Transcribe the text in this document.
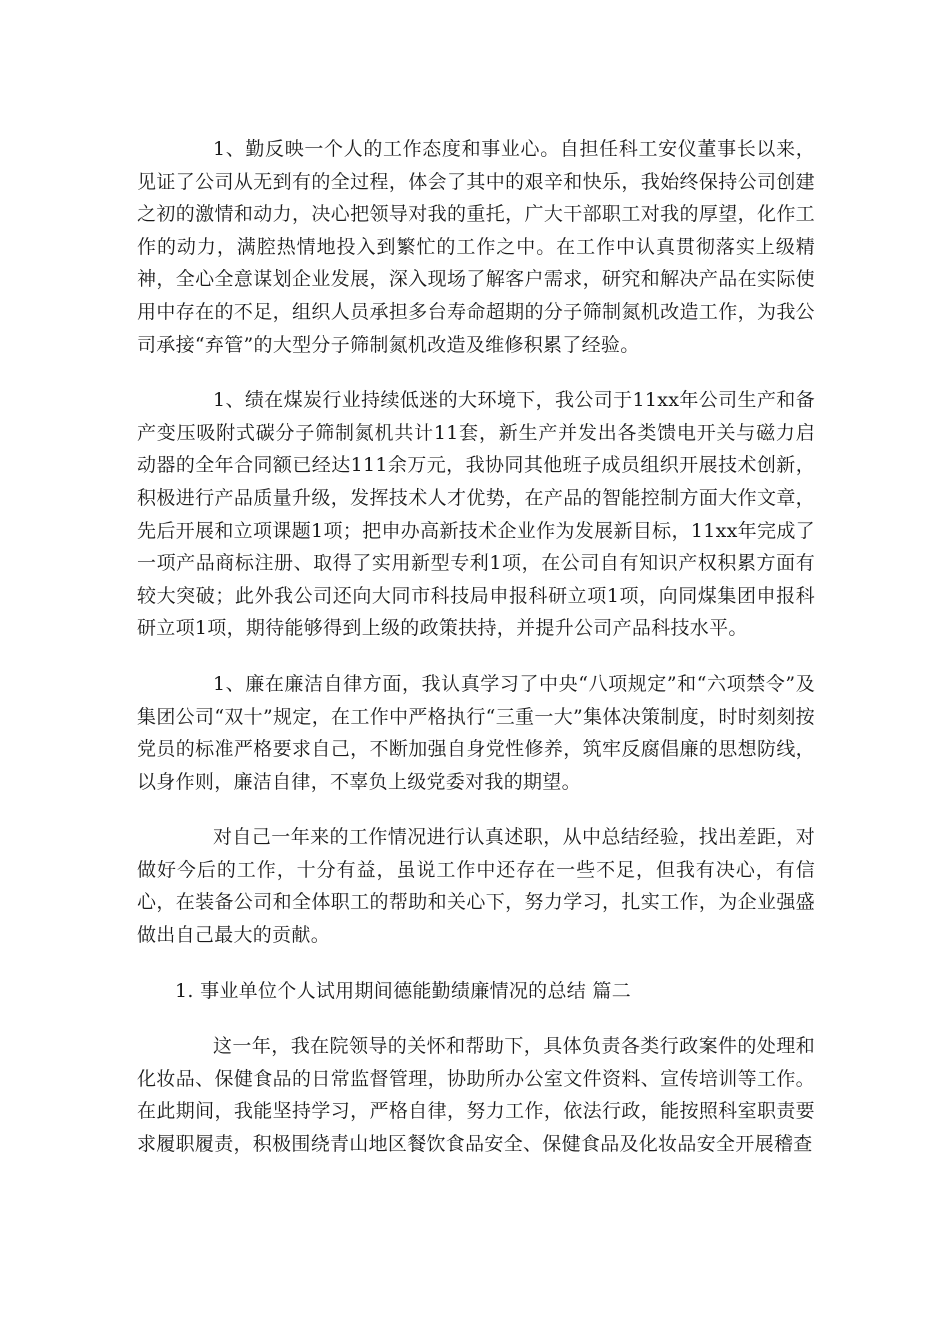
1、勤反映一个人的工作态度和事业心。自担任科工安仪董事长以来，见证了公司从无到有的全过程，体会了其中的艰辛和快乐，我始终保持公司创建之初的激情和动力，决心把领导对我的重托，广大干部职工对我的厚望，化作工作的动力，满腔热情地投入到繁忙的工作之中。在工作中认真贯彻落实上级精神，全心全意谋划企业发展，深入现场了解客户需求，研究和解决产品在实际使用中存在的不足，组织人员承担多台寿命超期的分子筛制氮机改造工作，为我公司承接“弃管”的大型分子筛制氮机改造及维修积累了经验。

1、绩在煤炭行业持续低迷的大环境下，我公司于11xx年公司生产和备产变压吸附式碳分子筛制氮机共计11套，新生产并发出各类馈电开关与磁力启动器的全年合同额已经达111余万元，我协同其他班子成员组织开展技术创新，积极进行产品质量升级，发挥技术人才优势，在产品的智能控制方面大作文章，先后开展和立项课题1项；把申办高新技术企业作为发展新目标，11xx年完成了一项产品商标注册、取得了实用新型专利1项，在公司自有知识产权积累方面有较大突破；此外我公司还向大同市科技局申报科研立项1项，向同煤集团申报科研立项1项，期待能够得到上级的政策扶持，并提升公司产品科技水平。

1、廉在廉洁自律方面，我认真学习了中央“八项规定”和“六项禁令”及集团公司“双十”规定，在工作中严格执行“三重一大”集体决策制度，时时刻刻按党员的标准严格要求自己，不断加强自身党性修养，筑牢反腐倡廉的思想防线，以身作则，廉洁自律，不辜负上级党委对我的期望。

对自己一年来的工作情况进行认真述职，从中总结经验，找出差距，对做好今后的工作，十分有益，虽说工作中还存在一些不足，但我有决心，有信心，在装备公司和全体职工的帮助和关心下，努力学习，扎实工作，为企业强盛做出自己最大的贡献。

1. 事业单位个人试用期间德能勤绩廉情况的总结 篇二

这一年，我在院领导的关怀和帮助下，具体负责各类行政案件的处理和化妆品、保健食品的日常监督管理，协助所办公室文件资料、宣传培训等工作。在此期间，我能坚持学习，严格自律，努力工作，依法行政，能按照科室职责要求履职履责，积极围绕青山地区餐饮食品安全、保健食品及化妆品安全开展稽查
